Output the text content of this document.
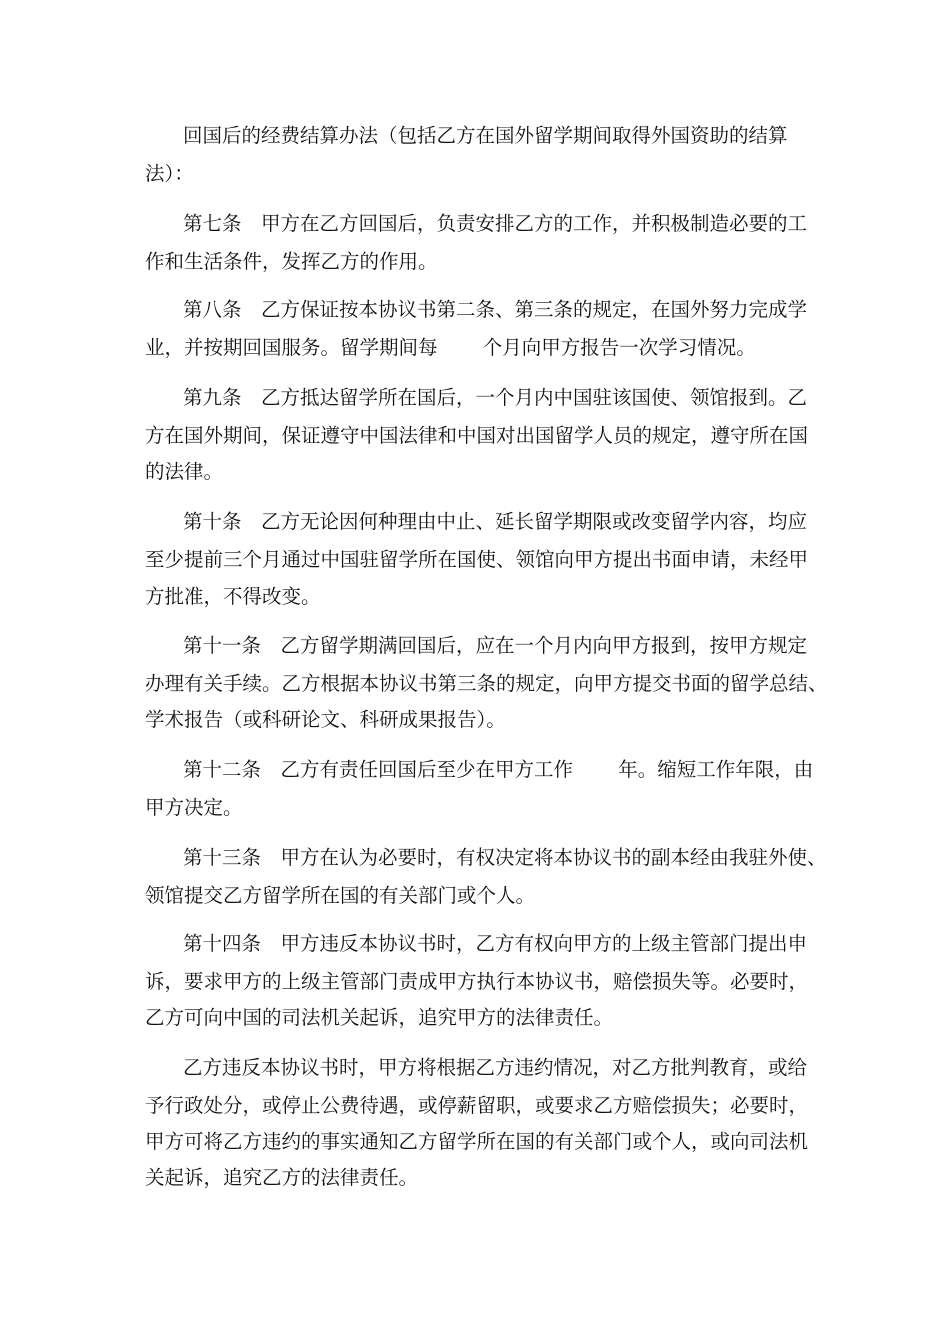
回国后的经费结算办法（包括乙方在国外留学期间取得外国资助的结算
法）：
第七条　甲方在乙方回国后，负责安排乙方的工作，并积极制造必要的工
作和生活条件，发挥乙方的作用。
第八条　乙方保证按本协议书第二条、第三条的规定，在国外努力完成学
业，并按期回国服务。留学期间每　　 个月向甲方报告一次学习情况。
第九条　乙方抵达留学所在国后，一个月内中国驻该国使、领馆报到。乙
方在国外期间，保证遵守中国法律和中国对出国留学人员的规定，遵守所在国
的法律。
第十条　乙方无论因何种理由中止、延长留学期限或改变留学内容，均应
至少提前三个月通过中国驻留学所在国使、领馆向甲方提出书面申请，未经甲
方批准，不得改变。
第十一条　乙方留学期满回国后，应在一个月内向甲方报到，按甲方规定
办理有关手续。乙方根据本协议书第三条的规定，向甲方提交书面的留学总结、
学术报告（或科研论文、科研成果报告）。
第十二条　乙方有责任回国后至少在甲方工作　　 年。缩短工作年限，由
甲方决定。
第十三条　甲方在认为必要时，有权决定将本协议书的副本经由我驻外使、
领馆提交乙方留学所在国的有关部门或个人。
第十四条　甲方违反本协议书时，乙方有权向甲方的上级主管部门提出申
诉，要求甲方的上级主管部门责成甲方执行本协议书，赔偿损失等。必要时，
乙方可向中国的司法机关起诉，追究甲方的法律责任。
乙方违反本协议书时，甲方将根据乙方违约情况，对乙方批判教育，或给
予行政处分，或停止公费待遇，或停薪留职，或要求乙方赔偿损失；必要时，
甲方可将乙方违约的事实通知乙方留学所在国的有关部门或个人，或向司法机
关起诉，追究乙方的法律责任。
